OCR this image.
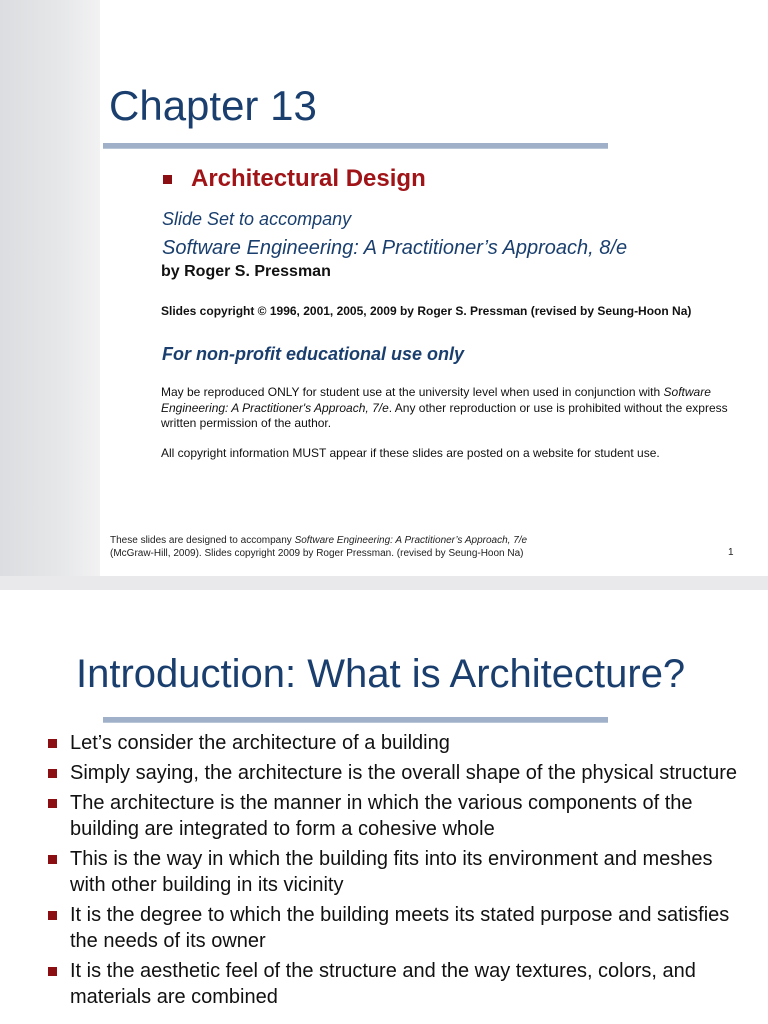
Chapter 13
Architectural Design
Slide Set to accompany
Software Engineering: A Practitioner’s Approach, 8/e
by Roger S. Pressman
Slides copyright © 1996, 2001, 2005, 2009 by Roger S. Pressman (revised by Seung-Hoon Na)
For non-profit educational use only
May be reproduced ONLY for student use at the university level when used in conjunction with Software Engineering: A Practitioner's Approach, 7/e. Any other reproduction or use is prohibited without the express written permission of the author.
All copyright information MUST appear if these slides are posted on a website for student use.
These slides are designed to accompany Software Engineering: A Practitioner’s Approach, 7/e
(McGraw-Hill, 2009). Slides copyright 2009 by Roger Pressman. (revised by Seung-Hoon Na)	1
Introduction: What is Architecture?
Let’s consider the architecture of a building
Simply saying, the architecture is the overall shape of the physical structure
The architecture is the manner in which the various components of the building are integrated to form a cohesive whole
This is the way in which the building fits into its environment and meshes with other building in its vicinity
It is the degree to which the building meets its stated purpose and satisfies the needs of its owner
It is the aesthetic feel of the structure and the way textures, colors, and materials are combined
